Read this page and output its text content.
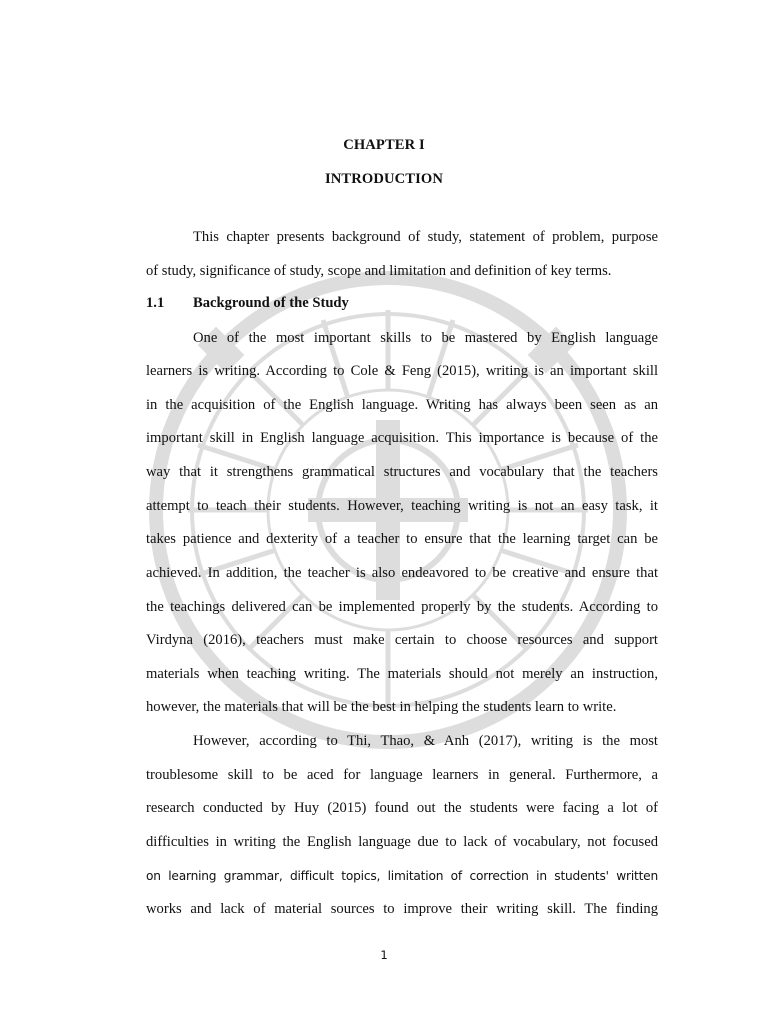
CHAPTER I
INTRODUCTION
This chapter presents background of study, statement of problem, purpose
of study, significance of study, scope and limitation and definition of key terms.
1.1 Background of the Study
One of the most important skills to be mastered by English language
learners is writing. According to Cole & Feng (2015), writing is an important skill
in the acquisition of the English language. Writing has always been seen as an
important skill in English language acquisition. This importance is because of the
way that it strengthens grammatical structures and vocabulary that the teachers
attempt to teach their students. However, teaching writing is not an easy task, it
takes patience and dexterity of a teacher to ensure that the learning target can be
achieved. In addition, the teacher is also endeavored to be creative and ensure that
the teachings delivered can be implemented properly by the students. According to
Virdyna (2016), teachers must make certain to choose resources and support
materials when teaching writing. The materials should not merely an instruction,
however, the materials that will be the best in helping the students learn to write.
However, according to Thi, Thao, & Anh (2017), writing is the most
troublesome skill to be aced for language learners in general. Furthermore, a
research conducted by Huy (2015) found out the students were facing a lot of
difficulties in writing the English language due to lack of vocabulary, not focused
on learning grammar, difficult topics, limitation of correction in students' written
works and lack of material sources to improve their writing skill. The finding
1
